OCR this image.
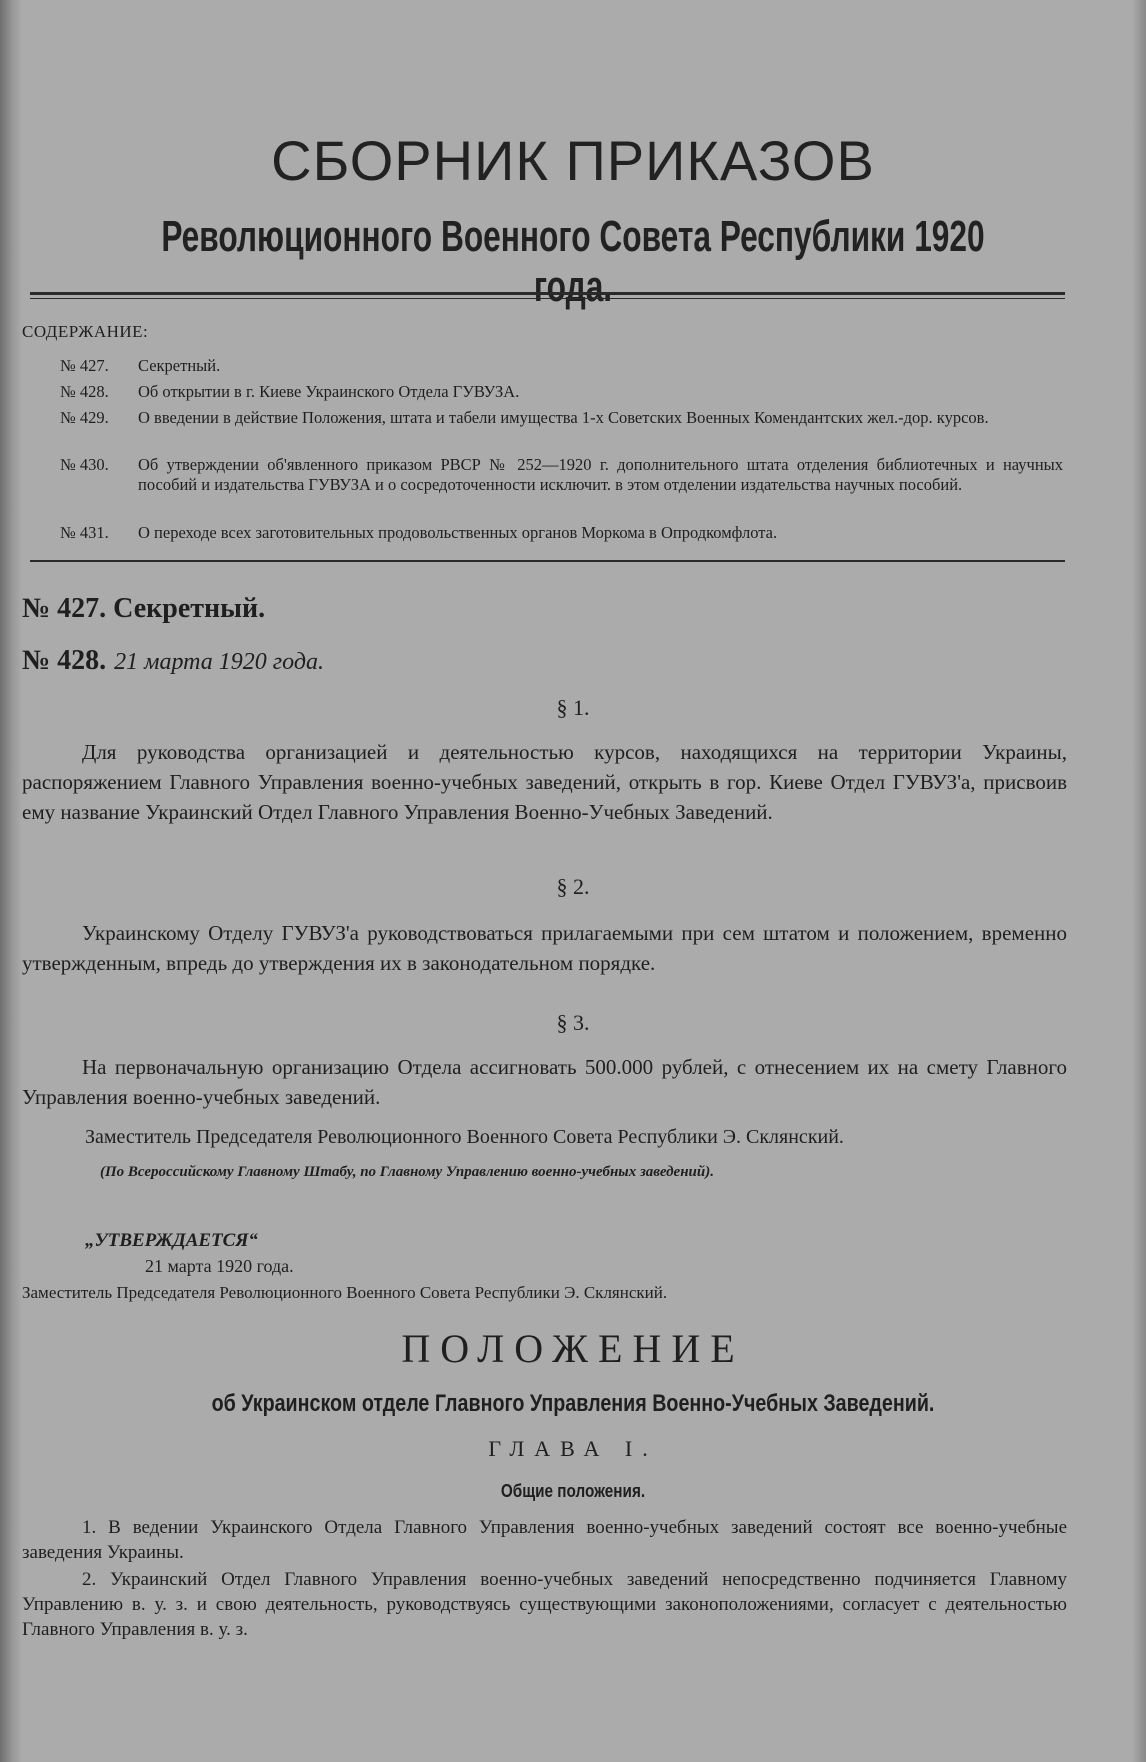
СБОРНИК ПРИКАЗОВ
Революционного Военного Совета Республики 1920 года.
СОДЕРЖАНИЕ:
№ 427. Секретный.
№ 428. Об открытии в г. Киеве Украинского Отдела ГУВУЗА.
№ 429. О введении в действие Положения, штата и табели имущества 1-х Советских Военных Комендантских жел.-дор. курсов.
№ 430. Об утверждении об'явленного приказом РВСР № 252—1920 г. дополнительного штата отделения библиотечных и научных пособий и издательства ГУВУЗА и о сосредоточенности исключит. в этом отделении издательства научных пособий.
№ 431. О переходе всех заготовительных продовольственных органов Моркома в Опродкомфлота.
№ 427. Секретный.
№ 428. 21 марта 1920 года.
§ 1.
Для руководства организацией и деятельностью курсов, находящихся на территории Украины, распоряжением Главного Управления военно-учебных заведений, открыть в гор. Киеве Отдел ГУВУЗ'а, присвоив ему название Украинский Отдел Главного Управления Военно-Учебных Заведений.
§ 2.
Украинскому Отделу ГУВУЗ'а руководствоваться прилагаемыми при сем штатом и положением, временно утвержденным, впредь до утверждения их в законодательном порядке.
§ 3.
На первоначальную организацию Отдела ассигновать 500.000 рублей, с отнесением их на смету Главного Управления военно-учебных заведений.
Заместитель Председателя Революционного Военного Совета Республики Э. Склянский.
(По Всероссийскому Главному Штабу, по Главному Управлению военно-учебных заведений).
„УТВЕРЖДАЕТСЯ“
21 марта 1920 года.
Заместитель Председателя Революционного Военного Совета Республики Э. Склянский.
ПОЛОЖЕНИЕ
об Украинском отделе Главного Управления Военно-Учебных Заведений.
ГЛАВА I.
Общие положения.
1. В ведении Украинского Отдела Главного Управления военно-учебных заведений состоят все военно-учебные заведения Украины.
2. Украинский Отдел Главного Управления военно-учебных заведений непосредственно подчиняется Главному Управлению в. у. з. и свою деятельность, руководствуясь существующими законоположениями, согласует с деятельностью Главного Управления в. у. з.
